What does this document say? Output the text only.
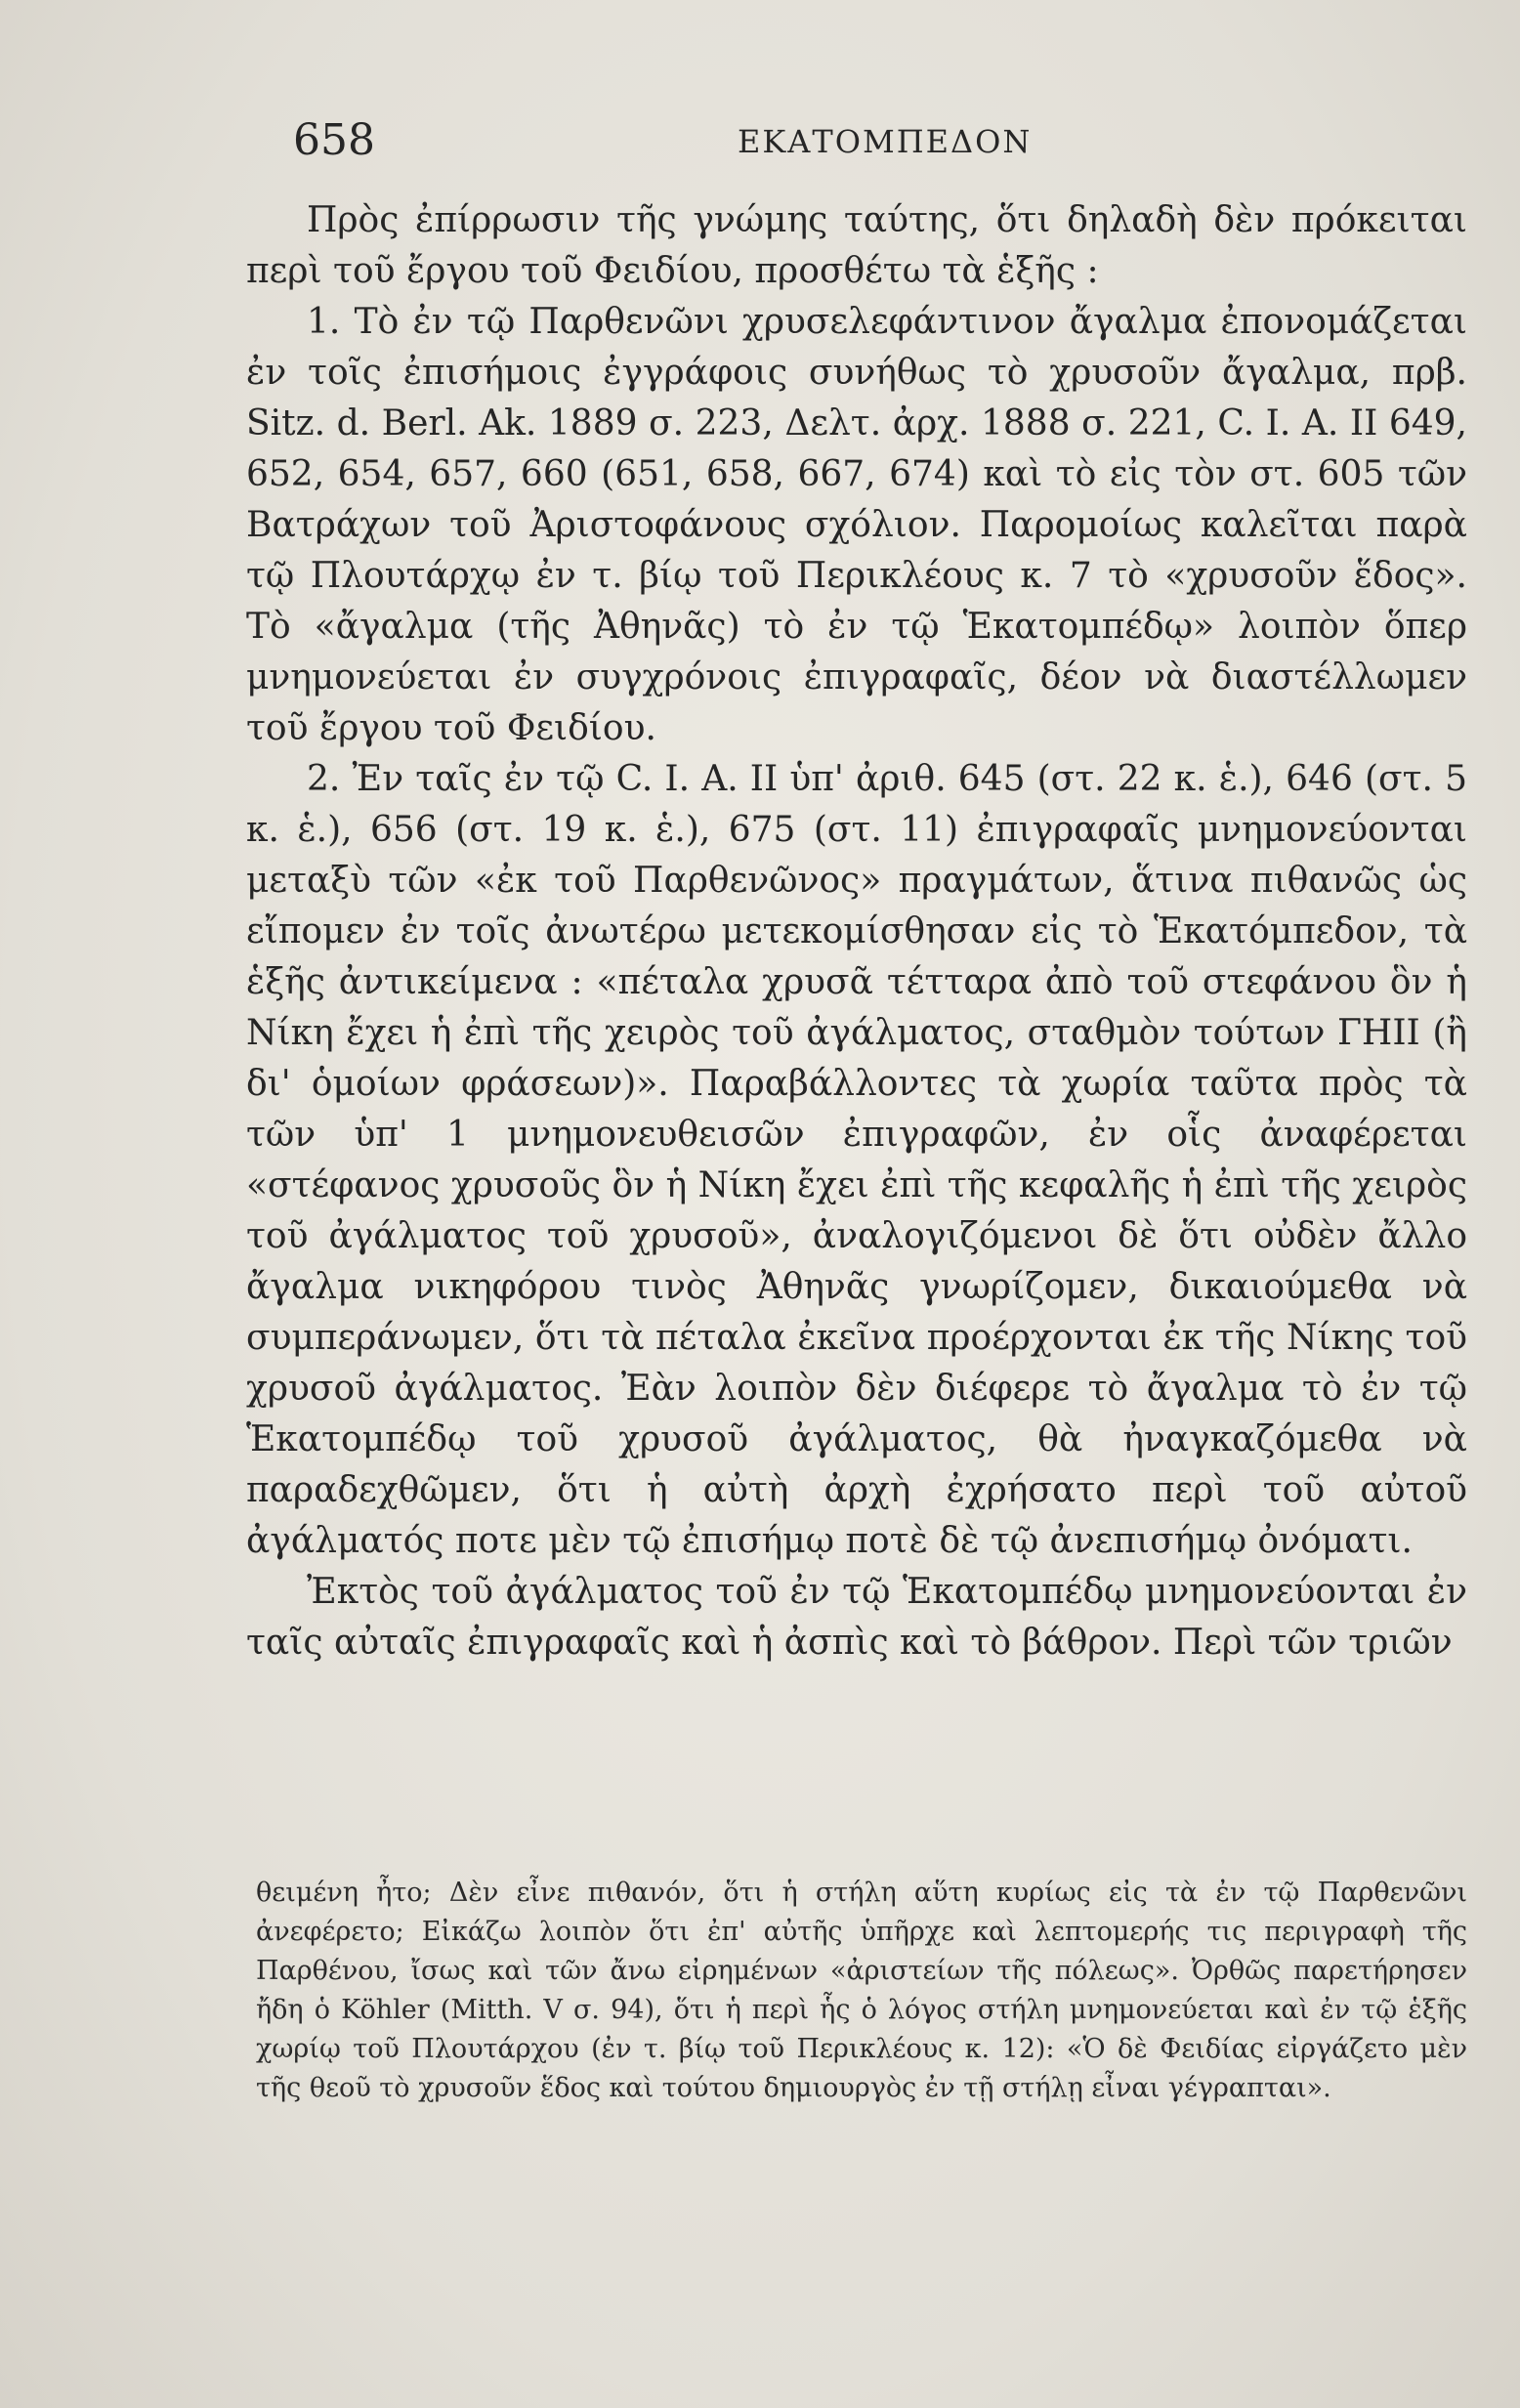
658	ΕΚΑΤΟΜΠΕΔΟΝ

Πρὸς ἐπίρρωσιν τῆς γνώμης ταύτης, ὅτι δηλαδὴ δὲν πρόκειται περὶ τοῦ ἔργου τοῦ Φειδίου, προσθέτω τὰ ἑξῆς :

1. Τὸ ἐν τῷ Παρθενῶνι χρυσελεφάντινον ἄγαλμα ἐπονομάζεται ἐν τοῖς ἐπισήμοις ἐγγράφοις συνήθως τὸ χρυσοῦν ἄγαλμα, πρβ. Sitz. d. Berl. Ak. 1889 σ. 223, Δελτ. ἀρχ. 1888 σ. 221, C. I. A. II 649, 652, 654, 657, 660 (651, 658, 667, 674) καὶ τὸ εἰς τὸν στ. 605 τῶν Βατράχων τοῦ Ἀριστοφάνους σχόλιον. Παρομοίως καλεῖται παρὰ τῷ Πλουτάρχῳ ἐν τ. βίῳ τοῦ Περικλέους κ. 7 τὸ «χρυσοῦν ἕδος». Τὸ «ἄγαλμα (τῆς Ἀθηνᾶς) τὸ ἐν τῷ Ἑκατομπέδῳ» λοιπὸν ὅπερ μνημονεύεται ἐν συγχρόνοις ἐπιγραφαῖς, δέον νὰ διαστέλλωμεν τοῦ ἔργου τοῦ Φειδίου.

2. Ἐν ταῖς ἐν τῷ C. I. A. II ὑπ' ἀριθ. 645 (στ. 22 κ. ἑ.), 646 (στ. 5 κ. ἑ.), 656 (στ. 19 κ. ἑ.), 675 (στ. 11) ἐπιγραφαῖς μνημονεύονται μεταξὺ τῶν «ἐκ τοῦ Παρθενῶνος» πραγμάτων, ἅτινα πιθανῶς ὡς εἴπομεν ἐν τοῖς ἀνωτέρω μετεκομίσθησαν εἰς τὸ Ἑκατόμπεδον, τὰ ἑξῆς ἀντικείμενα : «πέταλα χρυσᾶ τέτταρα ἀπὸ τοῦ στεφάνου ὃν ἡ Νίκη ἔχει ἡ ἐπὶ τῆς χειρὸς τοῦ ἀγάλματος, σταθμὸν τούτων ΓΗΙΙ (ἢ δι' ὁμοίων φράσεων)». Παραβάλλοντες τὰ χωρία ταῦτα πρὸς τὰ τῶν ὑπ' 1 μνημονευθεισῶν ἐπιγραφῶν, ἐν οἷς ἀναφέρεται «στέφανος χρυσοῦς ὃν ἡ Νίκη ἔχει ἐπὶ τῆς κεφαλῆς ἡ ἐπὶ τῆς χειρὸς τοῦ ἀγάλματος τοῦ χρυσοῦ», ἀναλογιζόμενοι δὲ ὅτι οὐδὲν ἄλλο ἄγαλμα νικηφόρου τινὸς Ἀθηνᾶς γνωρίζομεν, δικαιούμεθα νὰ συμπεράνωμεν, ὅτι τὰ πέταλα ἐκεῖνα προέρχονται ἐκ τῆς Νίκης τοῦ χρυσοῦ ἀγάλματος. Ἐὰν λοιπὸν δὲν διέφερε τὸ ἄγαλμα τὸ ἐν τῷ Ἑκατομπέδῳ τοῦ χρυσοῦ ἀγάλματος, θὰ ἠναγκαζόμεθα νὰ παραδεχθῶμεν, ὅτι ἡ αὐτὴ ἀρχὴ ἐχρήσατο περὶ τοῦ αὐτοῦ ἀγάλματός ποτε μὲν τῷ ἐπισήμῳ ποτὲ δὲ τῷ ἀνεπισήμῳ ὀνόματι.

Ἐκτὸς τοῦ ἀγάλματος τοῦ ἐν τῷ Ἑκατομπέδῳ μνημονεύονται ἐν ταῖς αὐταῖς ἐπιγραφαῖς καὶ ἡ ἀσπὶς καὶ τὸ βάθρον. Περὶ τῶν τριῶν

θειμένη ἦτο; Δὲν εἶνε πιθανόν, ὅτι ἡ στήλη αὕτη κυρίως εἰς τὰ ἐν τῷ Παρθενῶνι ἀνεφέρετο; Εἰκάζω λοιπὸν ὅτι ἐπ' αὐτῆς ὑπῆρχε καὶ λεπτομερής τις περιγραφὴ τῆς Παρθένου, ἴσως καὶ τῶν ἄνω εἰρημένων «ἀριστείων τῆς πόλεως». Ὀρθῶς παρετήρησεν ἤδη ὁ Köhler (Mitth. V σ. 94), ὅτι ἡ περὶ ἧς ὁ λόγος στήλη μνημονεύεται καὶ ἐν τῷ ἑξῆς χωρίῳ τοῦ Πλουτάρχου (ἐν τ. βίῳ τοῦ Περικλέους κ. 12): «Ὁ δὲ Φειδίας εἰργάζετο μὲν τῆς θεοῦ τὸ χρυσοῦν ἕδος καὶ τούτου δημιουργὸς ἐν τῇ στήλῃ εἶναι γέγραπται».
